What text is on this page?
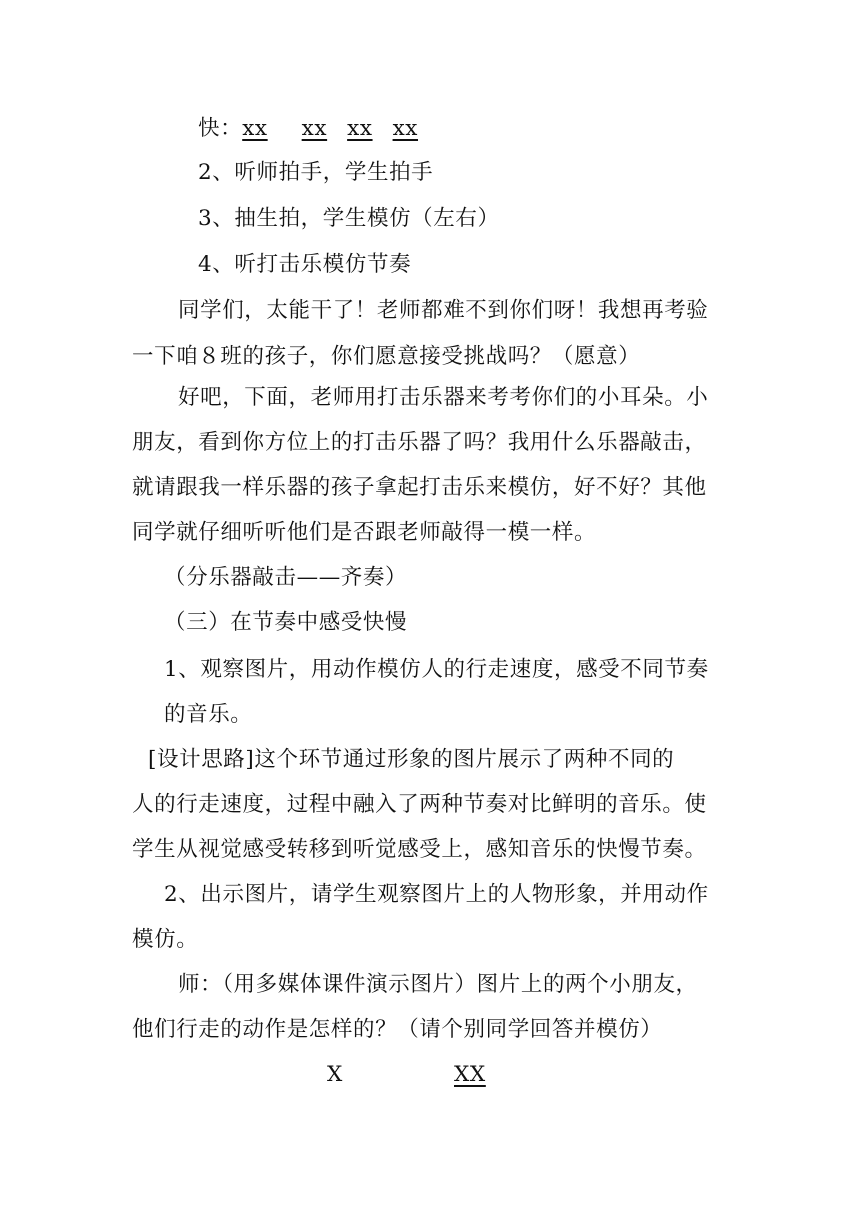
快：xx xx xx xx
2、听师拍手，学生拍手
3、抽生拍，学生模仿（左右）
4、听打击乐模仿节奏
同学们，太能干了！老师都难不到你们呀！我想再考验
一下咱８班的孩子，你们愿意接受挑战吗？（愿意）
好吧，下面，老师用打击乐器来考考你们的小耳朵。小
朋友，看到你方位上的打击乐器了吗？我用什么乐器敲击，
就请跟我一样乐器的孩子拿起打击乐来模仿，好不好？其他
同学就仔细听听他们是否跟老师敲得一模一样。
（分乐器敲击——齐奏）
（三）在节奏中感受快慢
1、观察图片，用动作模仿人的行走速度，感受不同节奏
的音乐。
[设计思路]这个环节通过形象的图片展示了两种不同的
人的行走速度，过程中融入了两种节奏对比鲜明的音乐。使
学生从视觉感受转移到听觉感受上，感知音乐的快慢节奏。
2、出示图片，请学生观察图片上的人物形象，并用动作
模仿。
师：（用多媒体课件演示图片）图片上的两个小朋友，
他们行走的动作是怎样的？（请个别同学回答并模仿）
X	XX
